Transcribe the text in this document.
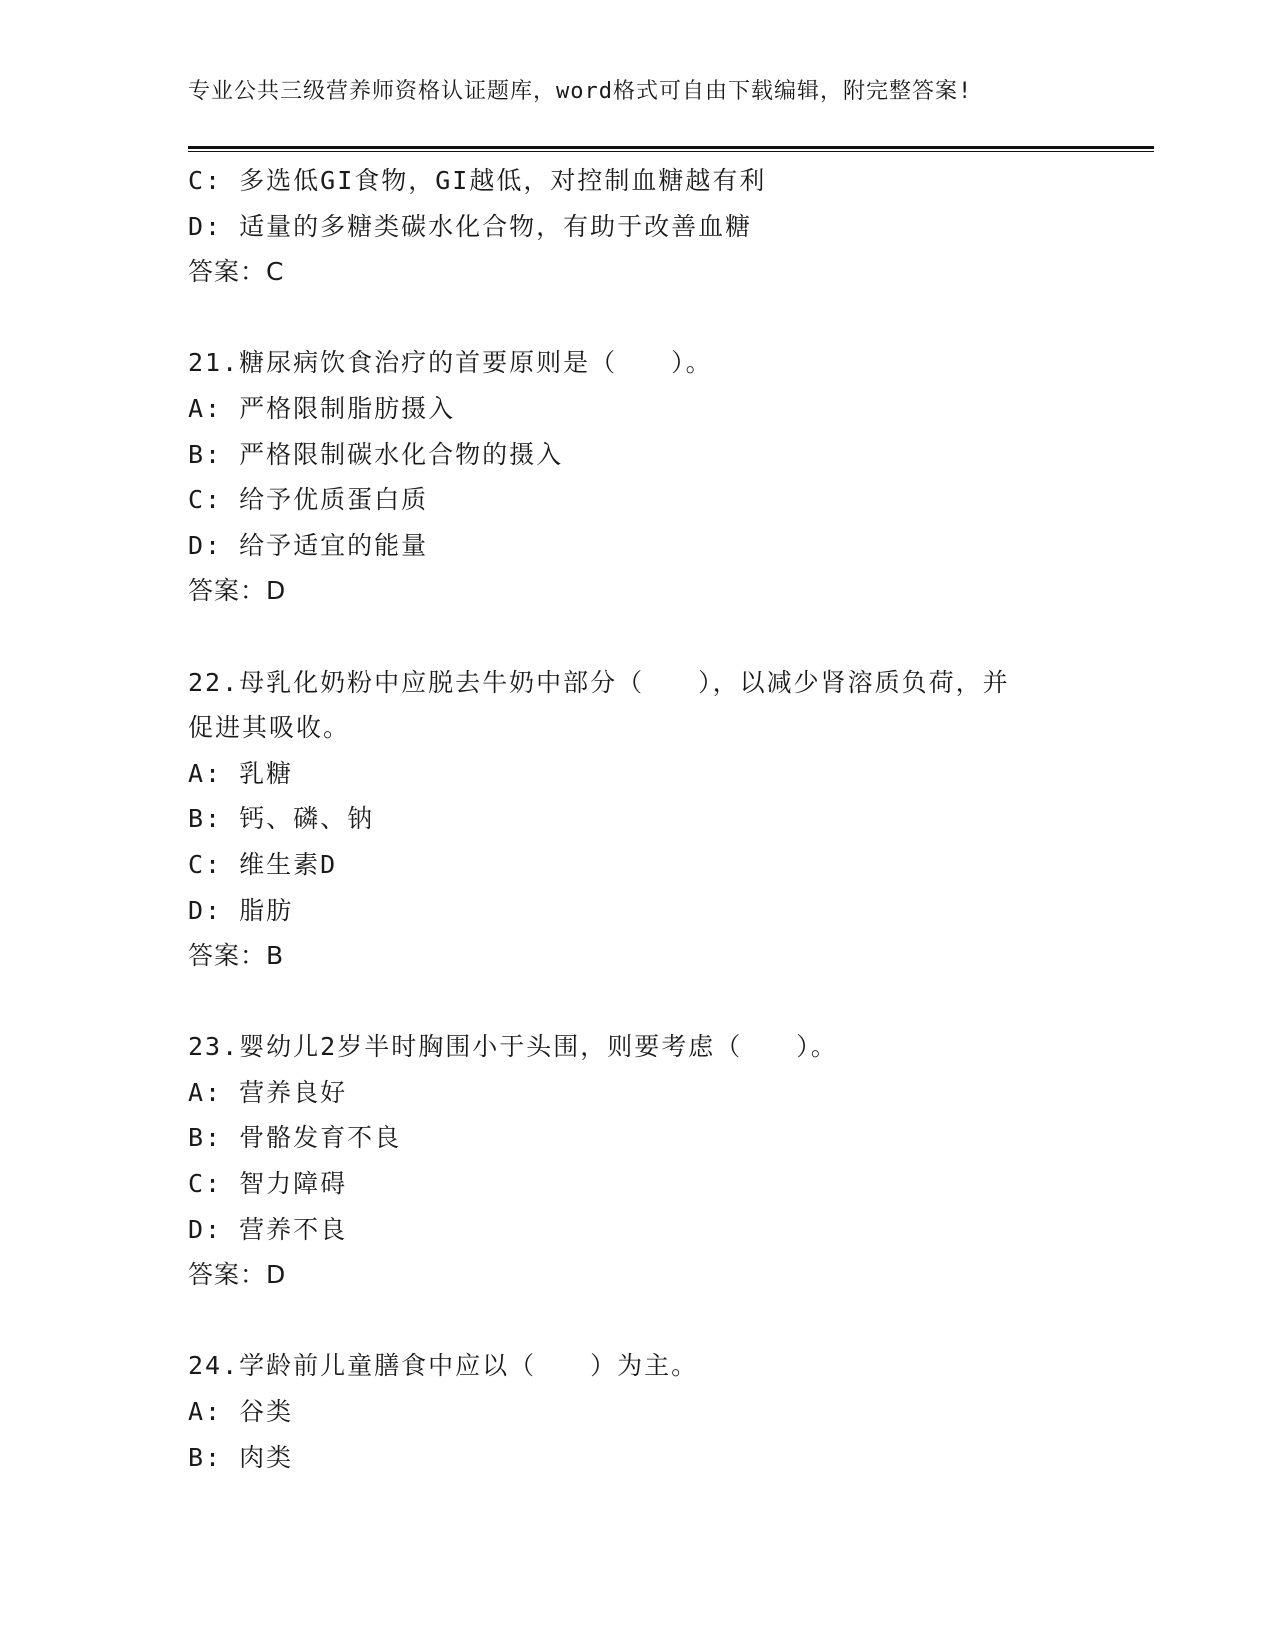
专业公共三级营养师资格认证题库，word格式可自由下载编辑，附完整答案!
C: 多选低GI食物，GI越低，对控制血糖越有利
D: 适量的多糖类碳水化合物，有助于改善血糖
答案：C
21.糖尿病饮食治疗的首要原则是（　　）。
A: 严格限制脂肪摄入
B: 严格限制碳水化合物的摄入
C: 给予优质蛋白质
D: 给予适宜的能量
答案：D
22.母乳化奶粉中应脱去牛奶中部分（　　），以减少肾溶质负荷，并
促进其吸收。
A: 乳糖
B: 钙、磷、钠
C: 维生素D
D: 脂肪
答案：B
23.婴幼儿2岁半时胸围小于头围，则要考虑（　　）。
A: 营养良好
B: 骨骼发育不良
C: 智力障碍
D: 营养不良
答案：D
24.学龄前儿童膳食中应以（　　）为主。
A: 谷类
B: 肉类
